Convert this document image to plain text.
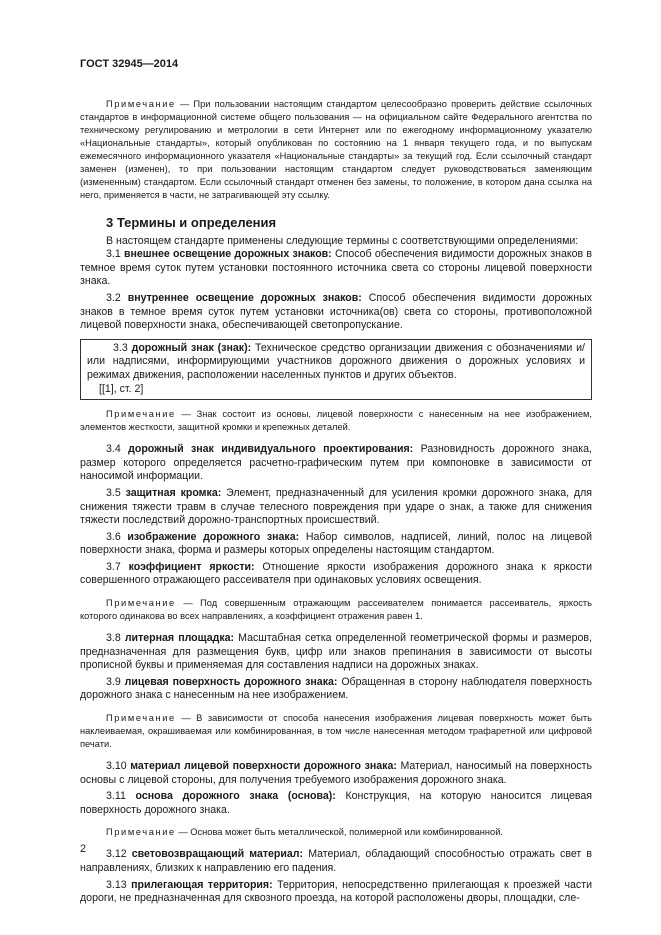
ГОСТ 32945—2014

Примечание — При пользовании настоящим стандартом целесообразно проверить действие ссылочных стандартов в информационной системе общего пользования — на официальном сайте Федерального агентства по техническому регулированию и метрологии в сети Интернет или по ежегодному информационному указателю «Национальные стандарты», который опубликован по состоянию на 1 января текущего года, и по выпускам ежемесячного информационного указателя «Национальные стандарты» за текущий год. Если ссылочный стандарт заменен (изменен), то при пользовании настоящим стандартом следует руководствоваться заменяющим (измененным) стандартом. Если ссылочный стандарт отменен без замены, то положение, в котором дана ссылка на него, применяется в части, не затрагивающей эту ссылку.

3 Термины и определения

В настоящем стандарте применены следующие термины с соответствующими определениями:

3.1 внешнее освещение дорожных знаков: Способ обеспечения видимости дорожных знаков в темное время суток путем установки постоянного источника света со стороны лицевой поверхности знака.

3.2 внутреннее освещение дорожных знаков: Способ обеспечения видимости дорожных знаков в темное время суток путем установки источника(ов) света со стороны, противоположной лицевой поверхности знака, обеспечивающей светопропускание.

3.3 дорожный знак (знак): Техническое средство организации движения с обозначениями и/или надписями, информирующими участников дорожного движения о дорожных условиях и режимах движения, расположении населенных пунктов и других объектов.

[[1], ст. 2]

Примечание — Знак состоит из основы, лицевой поверхности с нанесенным на нее изображением, элементов жесткости, защитной кромки и крепежных деталей.

3.4 дорожный знак индивидуального проектирования: Разновидность дорожного знака, размер которого определяется расчетно-графическим путем при компоновке в зависимости от наносимой информации.

3.5 защитная кромка: Элемент, предназначенный для усиления кромки дорожного знака, для снижения тяжести травм в случае телесного повреждения при ударе о знак, а также для снижения тяжести последствий дорожно-транспортных происшествий.

3.6 изображение дорожного знака: Набор символов, надписей, линий, полос на лицевой поверхности знака, форма и размеры которых определены настоящим стандартом.

3.7 коэффициент яркости: Отношение яркости изображения дорожного знака к яркости совершенного отражающего рассеивателя при одинаковых условиях освещения.

Примечание — Под совершенным отражающим рассеивателем понимается рассеиватель, яркость которого одинакова во всех направлениях, а коэффициент отражения равен 1.

3.8 литерная площадка: Масштабная сетка определенной геометрической формы и размеров, предназначенная для размещения букв, цифр или знаков препинания в зависимости от высоты прописной буквы и применяемая для составления надписи на дорожных знаках.

3.9 лицевая поверхность дорожного знака: Обращенная в сторону наблюдателя поверхность дорожного знака с нанесенным на нее изображением.

Примечание — В зависимости от способа нанесения изображения лицевая поверхность может быть наклеиваемая, окрашиваемая или комбинированная, в том числе нанесенная методом трафаретной или цифровой печати.

3.10 материал лицевой поверхности дорожного знака: Материал, наносимый на поверхность основы с лицевой стороны, для получения требуемого изображения дорожного знака.

3.11 основа дорожного знака (основа): Конструкция, на которую наносится лицевая поверхность дорожного знака.

Примечание — Основа может быть металлической, полимерной или комбинированной.

3.12 световозвращающий материал: Материал, обладающий способностью отражать свет в направлениях, близких к направлению его падения.

3.13 прилегающая территория: Территория, непосредственно прилегающая к проезжей части дороги, не предназначенная для сквозного проезда, на которой расположены дворы, площадки, сле-

2
